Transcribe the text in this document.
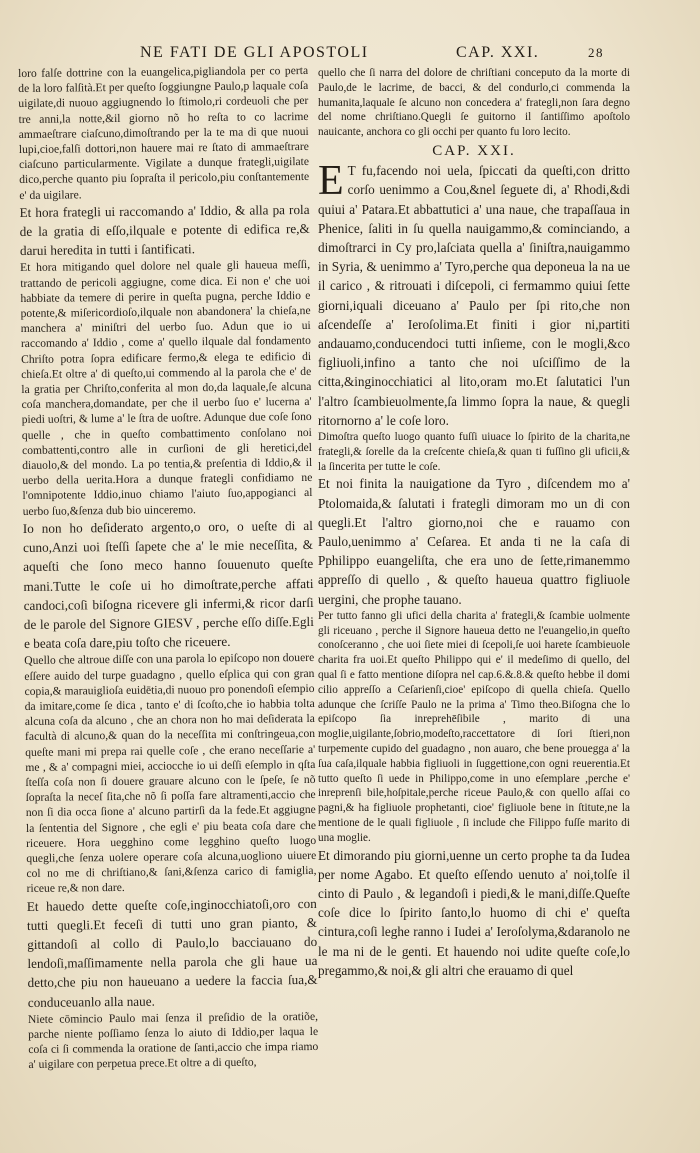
NE FATI DE GLI APOSTOLI	CAP. XXI.	28

loro falſe dottrine con la euangelica,pigliandola per co perta de la loro falſità.Et per queſto ſoggiungne Paulo,p laquale coſa uigilate,di nuouo aggiugnendo lo ſtimolo,ri cordeuoli che per tre anni,la notte,&il giorno nõ ho reſta to co lacrime ammaeſtrare ciaſcuno,dimoſtrando per la te ma di que nuoui lupi,cioe,falſi dottori,non hauere mai re ſtato di ammaeſtrare ciaſcuno particularmente. Vigilate a dunque frategli,uigilate dico,perche quanto piu ſopraſta il pericolo,piu conſtantemente e' da uigilare.

Et hora frategli ui raccomando a' Iddio, & alla pa rola de la gratia di eſſo,ilquale e potente di edifica re,& darui heredita in tutti i ſantificati.

Et hora mitigando quel dolore nel quale gli haueua meſſi, trattando de pericoli aggiugne, come dica. Ei non e' che uoi habbiate da temere di perire in queſta pugna, perche Iddio e potente,& miſericordioſo,ilquale non abandonera' la chieſa,ne manchera a' miniſtri del uerbo ſuo. Adun que io ui raccomando a' Iddio , come a' quello ilquale dal fondamento Chriſto potra ſopra edificare fermo,& elega te edificio di chieſa.Et oltre a' di queſto,ui commendo al la parola che e' de la gratia per Chriſto,conferita al mon do,da laquale,ſe alcuna coſa manchera,domandate, per che il uerbo ſuo e' lucerna a' piedi uoſtri, & lume a' le ſtra de uoſtre. Adunque due coſe ſono quelle , che in queſto combattimento conſolano noi combattenti,contro alle in curſioni de gli heretici,del diauolo,& del mondo. La po tentia,& preſentia di Iddio,& il uerbo della uerita.Hora a dunque frategli confidiamo ne l'omnipotente Iddio,inuo chiamo l'aiuto ſuo,appogianci al uerbo ſuo,&ſenza dub bio uinceremo.

Io non ho deſiderato argento,o oro, o ueſte di al cuno,Anzi uoi ſteſſi ſapete che a' le mie neceſſita, & aqueſti che ſono meco hanno ſouuenuto queſte mani.Tutte le coſe ui ho dimoſtrate,perche affati candoci,coſi biſogna ricevere gli infermi,& ricor darſi de le parole del Signore GIESV , perche eſſo diſſe.Egli e beata coſa dare,piu toſto che riceuere.

Quello che altroue diſſe con una parola lo epiſcopo non douere eſſere auido del turpe guadagno , quello eſplica qui con gran copia,& marauiglioſa euidētia,di nuouo pro ponendoſi eſempio da imitare,come ſe dica , tanto e' di ſcoſto,che io habbia tolta alcuna coſa da alcuno , che an chora non ho mai deſiderata la facultà di alcuno,& quan do la neceſſita mi conſtringeua,con queſte mani mi prepa rai quelle coſe , che erano neceſſarie a' me , & a' compagni miei, acciocche io ui deſſi eſemplo in qſta ſteſſa coſa non ſi douere grauare alcuno con le ſpeſe, ſe nõ ſopraſta la neceſ ſita,che nõ ſi poſſa fare altramenti,accio che non ſi dia occa ſione a' alcuno partirſi da la fede.Et aggiugne la ſententia del Signore , che egli e' piu beata coſa dare che riceuere. Hora uegghino come legghino queſto luogo quegli,che ſenza uolere operare coſa alcuna,uogliono uiuere col no me di chriſtiano,& ſani,&ſenza carico di famiglia, riceue re,& non dare.

Et hauedo dette queſte coſe,inginocchiatoſi,oro con tutti quegli.Et feceſi di tutti uno gran pianto, & gittandoſi al collo di Paulo,lo bacciauano do lendoſi,maſſimamente nella parola che gli haue ua detto,che piu non haueuano a uedere la faccia ſua,& conduceuanlo alla naue.

Niete cōmincio Paulo mai ſenza il preſidio de la oratiõe, parche niente poſſiamo ſenza lo aiuto di Iddio,per laqua le coſa ci ſi commenda la oratione de ſanti,accio che impa riamo a' uigilare con perpetua prece.Et oltre a di queſto,

quello che ſi narra del dolore de chriſtiani conceputo da la morte di Paulo,de le lacrime, de bacci, & del condurlo,ci commenda la humanita,laquale ſe alcuno non concedera a' frategli,non ſara degno del nome chriſtiano.Quegli ſe guitorno il ſantiſſimo apoſtolo nauicante, anchora co gli occhi per quanto fu loro lecito.

CAP. XXI.

E T fu,facendo noi uela, ſpiccati da queſti,con dritto corſo uenimmo a Cou,&nel ſeguete di, a' Rhodi,&di quiui a' Patara.Et abbattutici a' una naue, che trapaſſaua in Phenice, ſaliti in ſu quella nauigammo,& cominciando, a dimoſtrarci in Cy pro,laſciata quella a' ſiniſtra,nauigammo in Syria, & uenimmo a' Tyro,perche qua deponeua la na ue il carico , & ritrouati i diſcepoli, ci fermammo quiui ſette giorni,iquali diceuano a' Paulo per ſpi rito,che non aſcendeſſe a' Ieroſolima.Et finiti i gior ni,partiti andauamo,conducendoci tutti inſieme, con le mogli,&co figliuoli,infino a tanto che noi uſciſſimo de la citta,&inginocchiatici al lito,oram mo.Et ſalutatici l'un l'altro ſcambieuolmente,ſa limmo ſopra la naue, & quegli ritornorno a' le coſe loro.

Dimoſtra queſto luogo quanto fuſſi uiuace lo ſpirito de la charita,ne frategli,& ſorelle da la creſcente chieſa,& quan ti fuſſino gli uficii,& la ſincerita per tutte le coſe.

Et noi finita la nauigatione da Tyro , diſcendem mo a' Ptolomaida,& ſalutati i frategli dimoram mo un di con quegli.Et l'altro giorno,noi che e rauamo con Paulo,uenimmo a' Ceſarea. Et anda ti ne la caſa di Pphilippo euangeliſta, che era uno de ſette,rimanemmo appreſſo di quello , & queſto haueua quattro figliuole uergini, che prophe tauano.

Per tutto fanno gli ufici della charita a' frategli,& ſcambie uolmente gli riceuano , perche il Signore haueua detto ne l'euangelio,in queſto conoſceranno , che uoi ſiete miei di ſcepoli,ſe uoi harete ſcambieuole charita fra uoi.Et queſto Philippo qui e' il medeſimo di quello, del qual ſi e fatto mentione diſopra nel cap.6.&.8.& queſto hebbe il domi cilio appreſſo a Ceſarienſi,cioe' epiſcopo di quella chieſa. Quello adunque che ſcriſſe Paulo ne la prima a' Timo theo.Biſogna che lo epiſcopo ſia inreprehēſibile , marito di una moglie,uigilante,ſobrio,modeſto,raccettatore di ſori ſtieri,non turpemente cupido del guadagno , non auaro, che bene prouegga a' la ſua caſa,ilquale habbia figliuoli in ſuggettione,con ogni reuerentia.Et tutto queſto ſi uede in Philippo,come in uno eſemplare ,perche e' inreprenſi bile,hoſpitale,perche riceue Paulo,& con quello aſſai co pagni,& ha figliuole prophetanti, cioe' figliuole bene in ſtitute,ne la mentione de le quali figliuole , ſi include che Filippo fuſſe marito di una moglie.

Et dimorando piu giorni,uenne un certo prophe ta da Iudea per nome Agabo. Et queſto eſſendo uenuto a' noi,tolſe il cinto di Paulo , & legandoſi i piedi,& le mani,diſſe.Queſte coſe dice lo ſpirito ſanto,lo huomo di chi e' queſta cintura,coſi leghe ranno i Iudei a' Ieroſolyma,&daranolo ne le ma ni de le genti. Et hauendo noi udite queſte coſe,lo pregammo,& noi,& gli altri che erauamo di quel
